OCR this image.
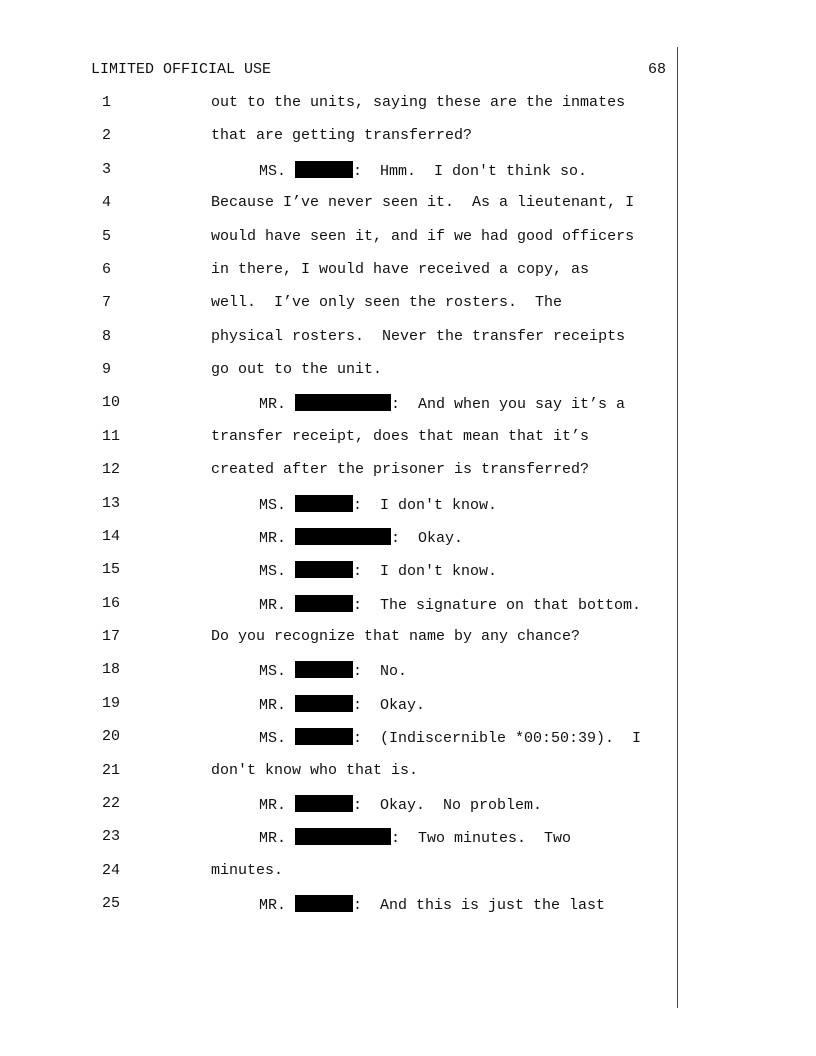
LIMITED OFFICIAL USE	68
1	out to the units, saying these are the inmates
2	that are getting transferred?
3	MS.	:  Hmm.  I don't think so.
4	Because I’ve never seen it.  As a lieutenant, I
5	would have seen it, and if we had good officers
6	in there, I would have received a copy, as
7	well.  I’ve only seen the rosters.  The
8	physical rosters.  Never the transfer receipts
9	go out to the unit.
10	MR.	:  And when you say it’s a
11	transfer receipt, does that mean that it’s
12	created after the prisoner is transferred?
13	MS.	:  I don't know.
14	MR.	:  Okay.
15	MS.	:  I don't know.
16	MR.	:  The signature on that bottom.
17	Do you recognize that name by any chance?
18	MS.	:  No.
19	MR.	:  Okay.
20	MS.	:  (Indiscernible *00:50:39).  I
21	don't know who that is.
22	MR.	:  Okay.  No problem.
23	MR.	:  Two minutes.  Two
24	minutes.
25	MR.	:  And this is just the last
